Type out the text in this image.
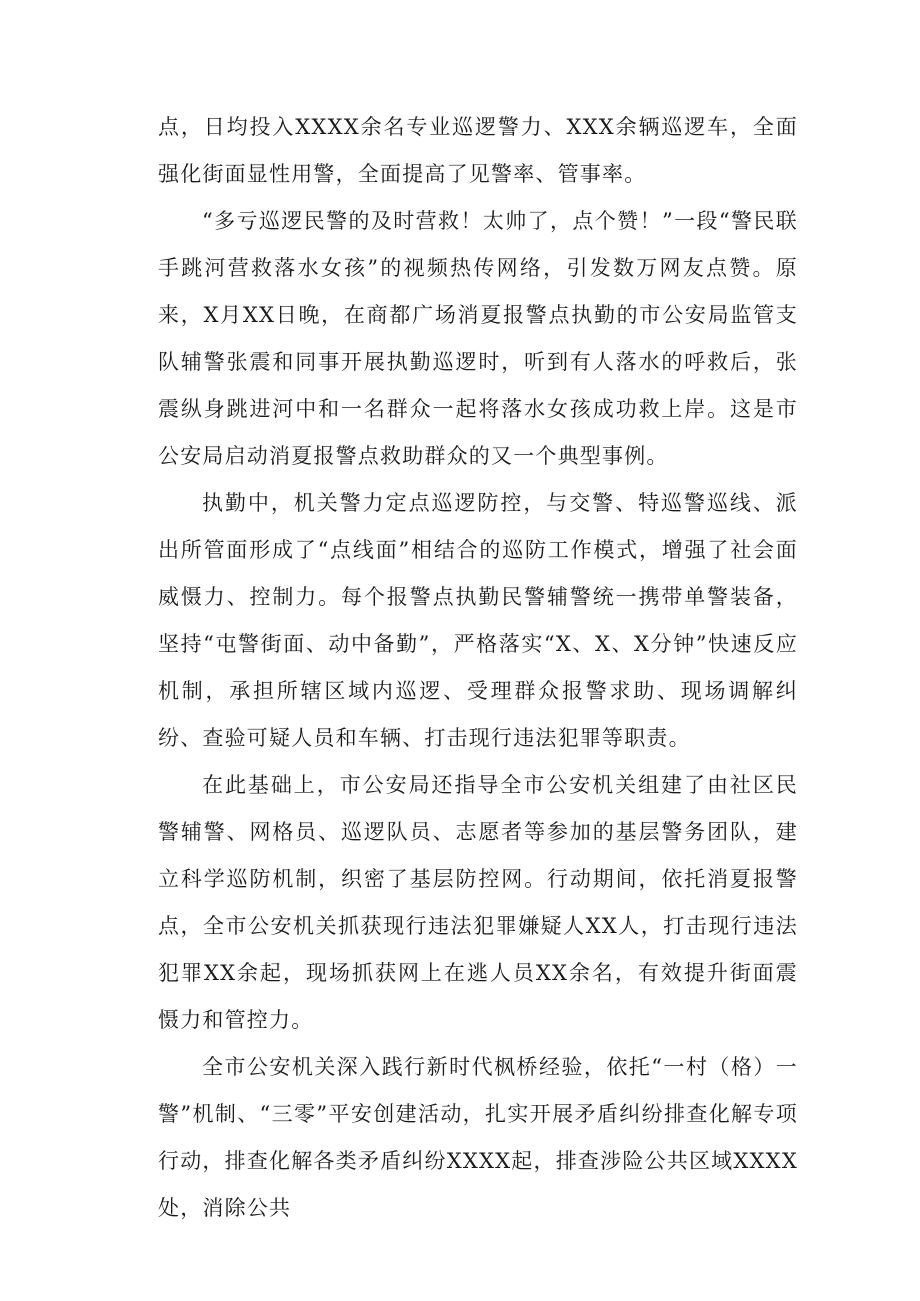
点，日均投入XXXX余名专业巡逻警力、XXX余辆巡逻车，全面强化街面显性用警，全面提高了见警率、管事率。

“多亏巡逻民警的及时营救！太帅了，点个赞！”一段“警民联手跳河营救落水女孩”的视频热传网络，引发数万网友点赞。原来，X月XX日晚，在商都广场消夏报警点执勤的市公安局监管支队辅警张震和同事开展执勤巡逻时，听到有人落水的呼救后，张震纵身跳进河中和一名群众一起将落水女孩成功救上岸。这是市公安局启动消夏报警点救助群众的又一个典型事例。

执勤中，机关警力定点巡逻防控，与交警、特巡警巡线、派出所管面形成了“点线面”相结合的巡防工作模式，增强了社会面威慑力、控制力。每个报警点执勤民警辅警统一携带单警装备，坚持“屯警街面、动中备勤”，严格落实“X、X、X分钟”快速反应机制，承担所辖区域内巡逻、受理群众报警求助、现场调解纠纷、查验可疑人员和车辆、打击现行违法犯罪等职责。

在此基础上，市公安局还指导全市公安机关组建了由社区民警辅警、网格员、巡逻队员、志愿者等参加的基层警务团队，建立科学巡防机制，织密了基层防控网。行动期间，依托消夏报警点，全市公安机关抓获现行违法犯罪嫌疑人XX人，打击现行违法犯罪XX余起，现场抓获网上在逃人员XX余名，有效提升街面震慑力和管控力。

全市公安机关深入践行新时代枫桥经验，依托“一村（格）一警”机制、“三零”平安创建活动，扎实开展矛盾纠纷排查化解专项行动，排查化解各类矛盾纠纷XXXX起，排查涉险公共区域XXXX处，消除公共
